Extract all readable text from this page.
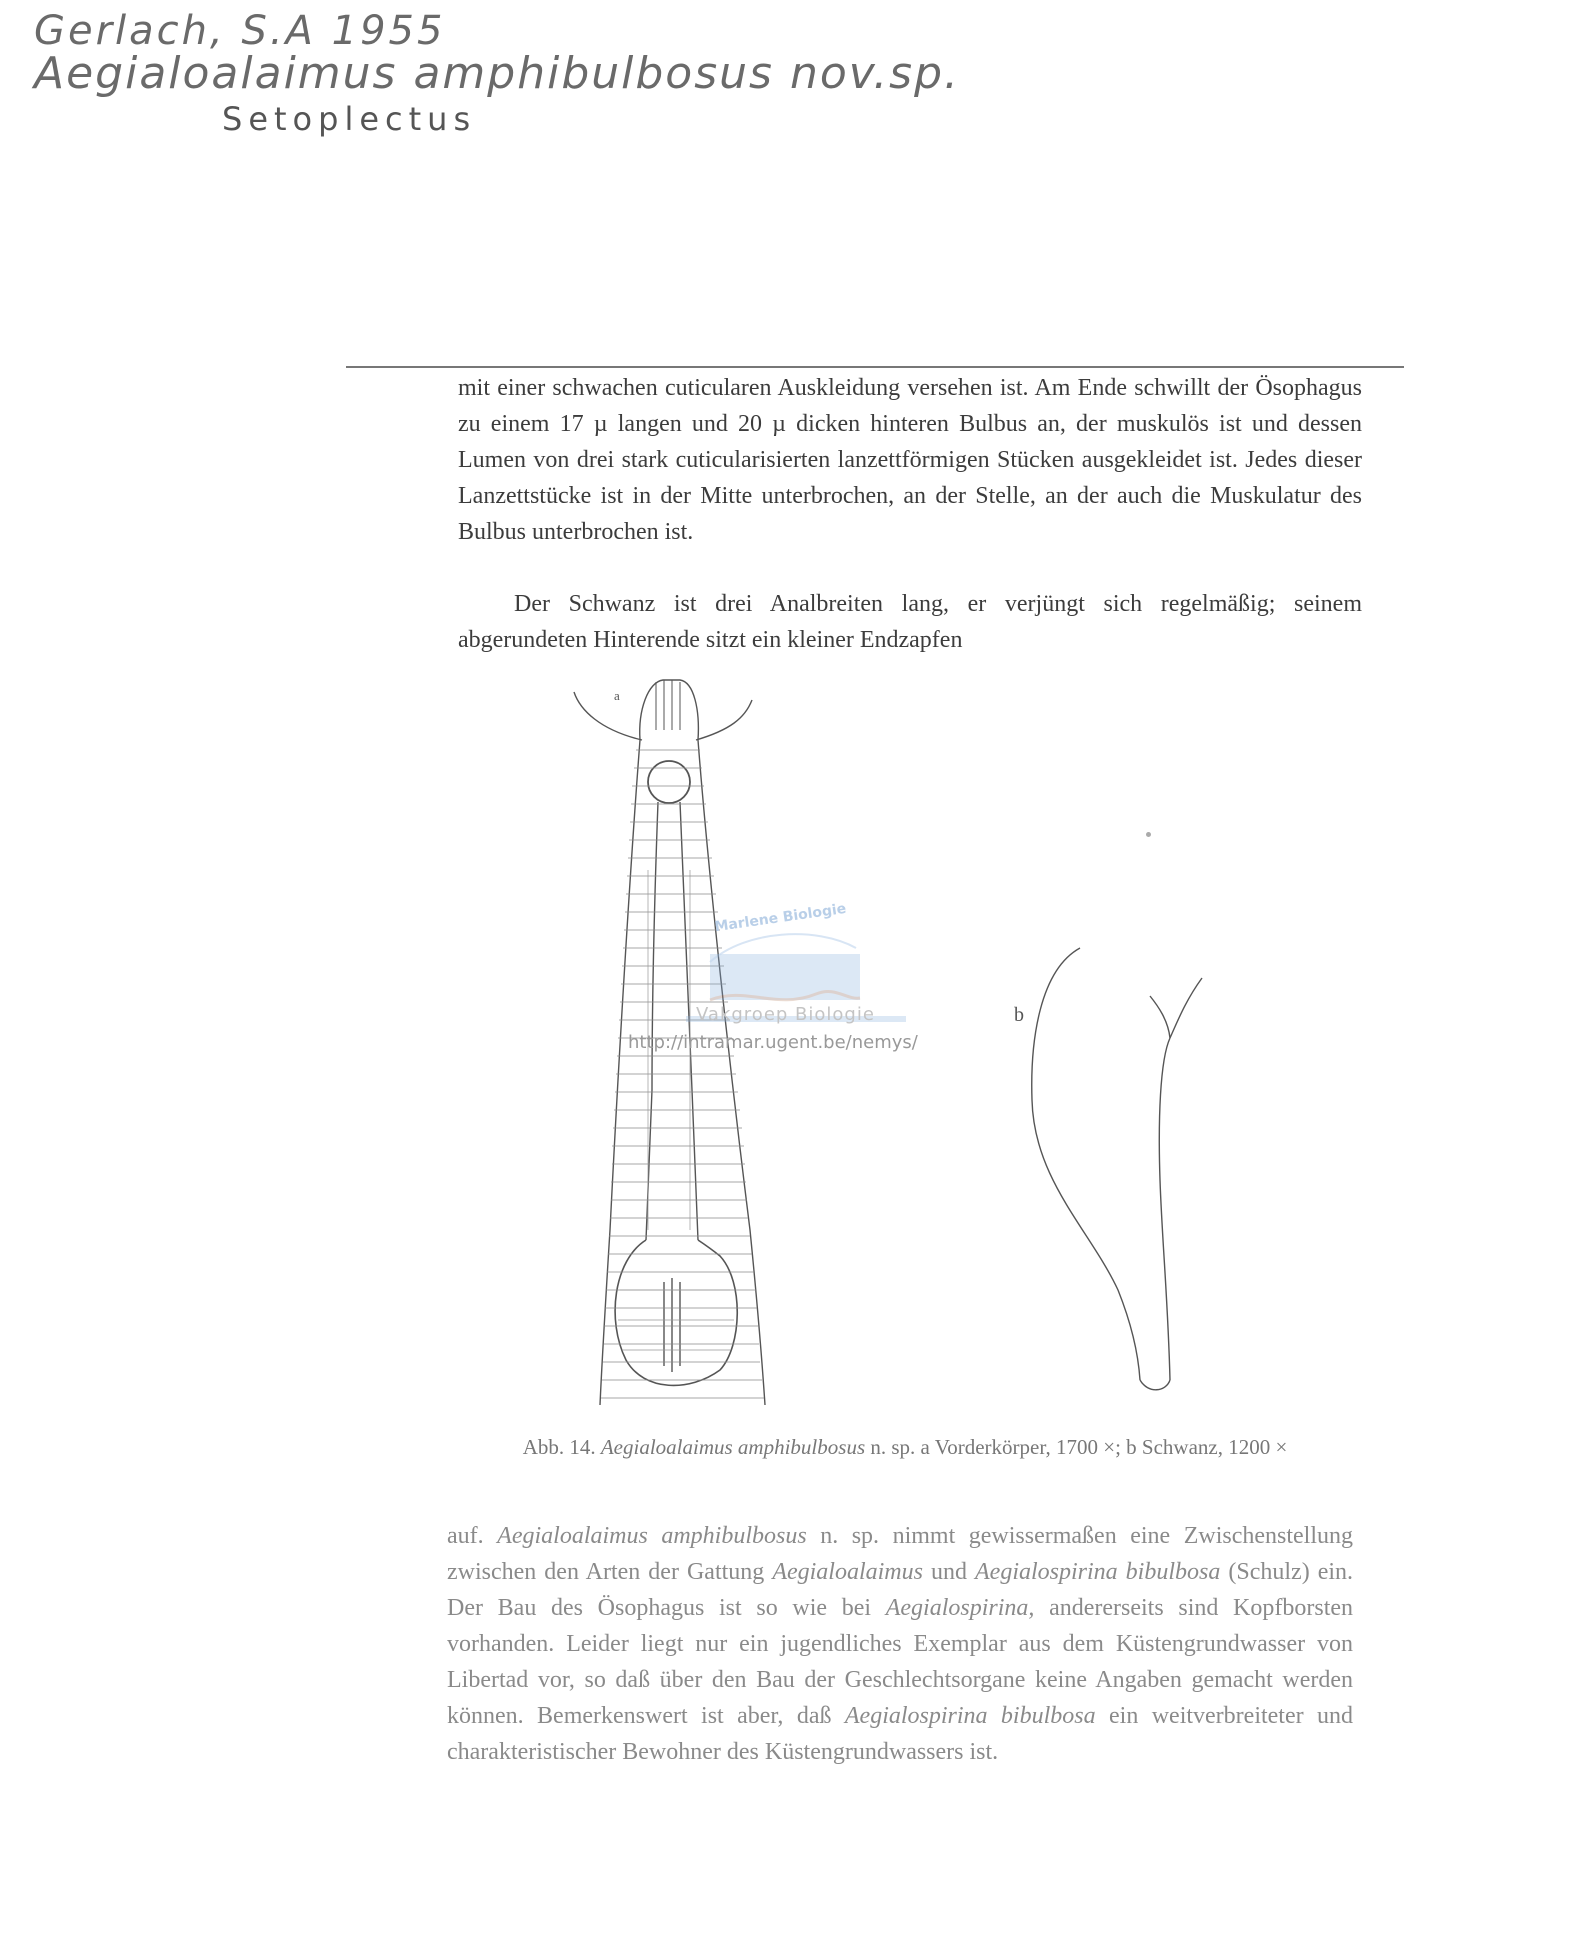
Gerlach, S.A 1955
Aegialoalaimus amphibulbosus nov.sp.
Setoplectus

mit einer schwachen cuticularen Auskleidung versehen ist. Am Ende schwillt der Ösophagus zu einem 17 µ langen und 20 µ dicken hinteren Bulbus an, der muskulös ist und dessen Lumen von drei stark cuticularisierten lanzettförmigen Stücken ausgekleidet ist. Jedes dieser Lanzettstücke ist in der Mitte unterbrochen, an der Stelle, an der auch die Muskulatur des Bulbus unterbrochen ist.

Der Schwanz ist drei Analbreiten lang, er verjüngt sich regelmäßig; seinem abgerundeten Hinterende sitzt ein kleiner Endzapfen

a
b
Marlene Biologie
Vakgroep Biologie
http://intramar.ugent.be/nemys/
Abb. 14. Aegialoalaimus amphibulbosus n. sp. a Vorderkörper, 1700 ×; b Schwanz, 1200 ×

auf. Aegialoalaimus amphibulbosus n. sp. nimmt gewissermaßen eine Zwischenstellung zwischen den Arten der Gattung Aegialoalaimus und Aegialospirina bibulbosa (Schulz) ein. Der Bau des Ösophagus ist so wie bei Aegialospirina, andererseits sind Kopfborsten vorhanden. Leider liegt nur ein jugendliches Exemplar aus dem Küstengrundwasser von Libertad vor, so daß über den Bau der Geschlechtsorgane keine Angaben gemacht werden können. Bemerkenswert ist aber, daß Aegialospirina bibulbosa ein weitverbreiteter und charakteristischer Bewohner des Küstengrundwassers ist.
